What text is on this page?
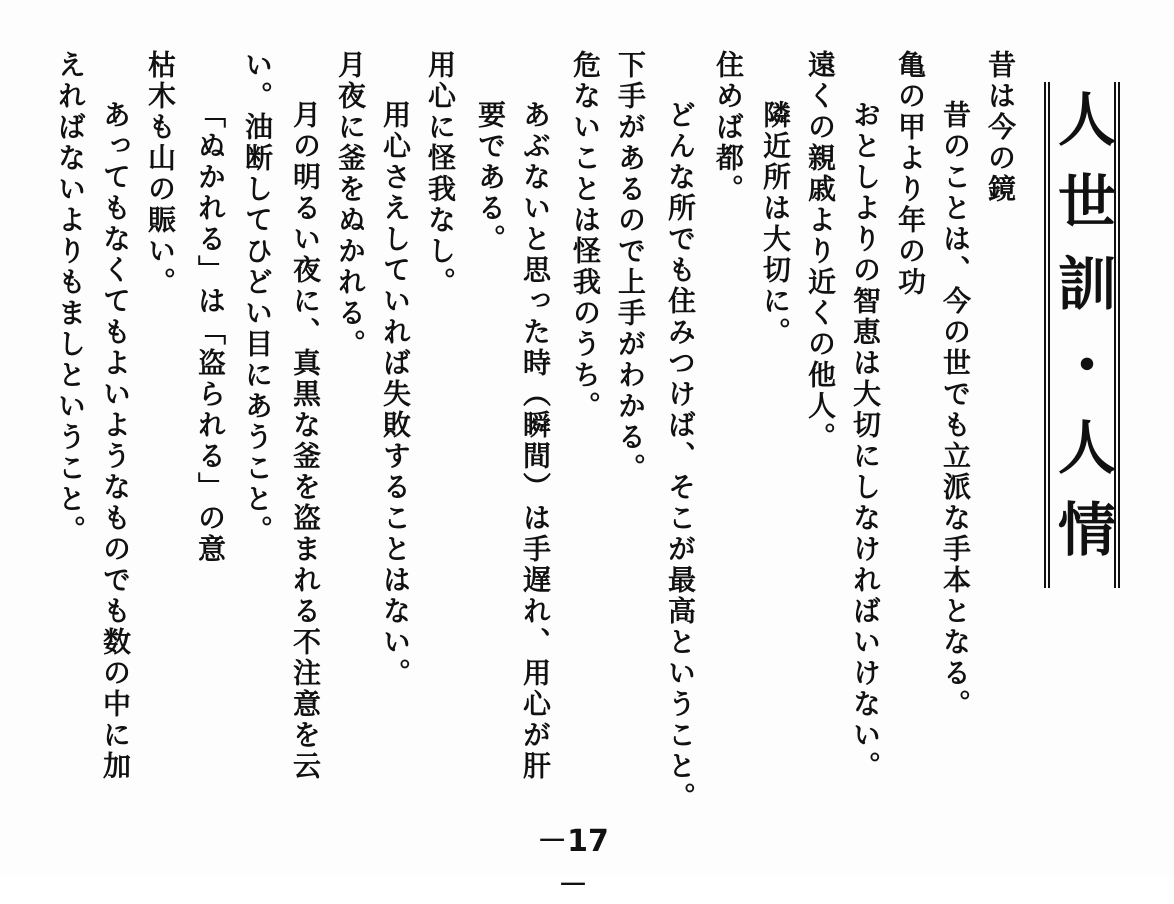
人世訓・人情
昔は今の鏡
昔のことは、今の世でも立派な手本となる。
亀の甲より年の功
おとしよりの智恵は大切にしなければいけない。
遠くの親戚より近くの他人。
隣近所は大切に。
住めば都。
どんな所でも住みつけば、そこが最高ということ。
下手があるので上手がわかる。
危ないことは怪我のうち。
あぶないと思った時（瞬間）は手遅れ、用心が肝
要である。
用心に怪我なし。
用心さえしていれば失敗することはない。
月夜に釜をぬかれる。
月の明るい夜に、真黒な釜を盗まれる不注意を云
い。油断してひどい目にあうこと。
「ぬかれる」は「盗られる」の意
枯木も山の賑い。
あってもなくてもよいようなものでも数の中に加
えればないよりもましということ。
－17－
